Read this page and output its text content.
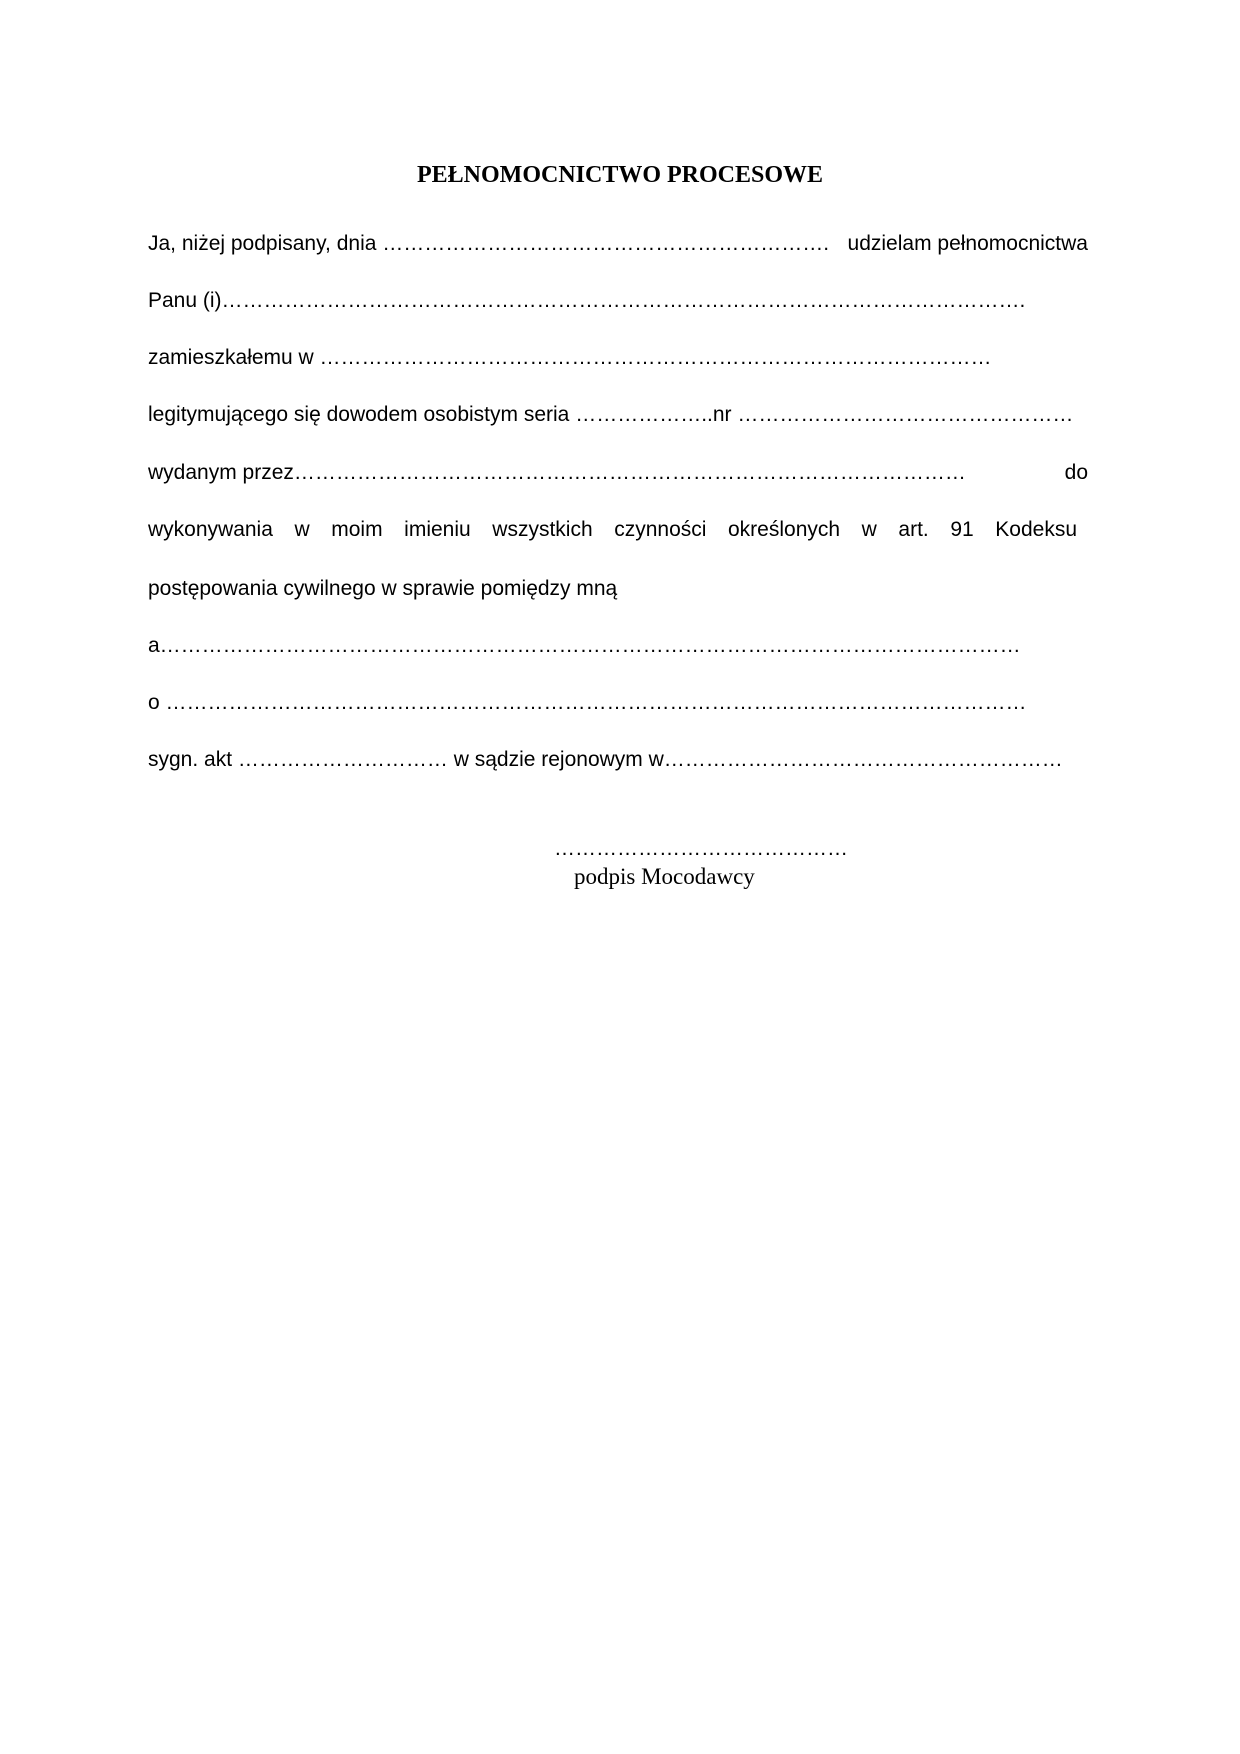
PEŁNOMOCNICTWO PROCESOWE
Ja, niżej podpisany, dnia ………………………………………………………. udzielam pełnomocnictwa
Panu (i)…………………………………………………………………………………………………….
zamieszkałemu w ……………………………………………………………………………………
legitymującego się dowodem osobistym seria ………………..nr …………………………………………
wydanym przez……………………………………………………………………………………	do
wykonywania w moim imieniu wszystkich czynności określonych w art. 91 Kodeksu
postępowania cywilnego w sprawie pomiędzy mną
a……………………………………………………………………………………………………………
o ……………………………………………………………………………………………………………
sygn. akt ………………………… w sądzie rejonowym w…………………………………………………
……………………………………
podpis Mocodawcy
